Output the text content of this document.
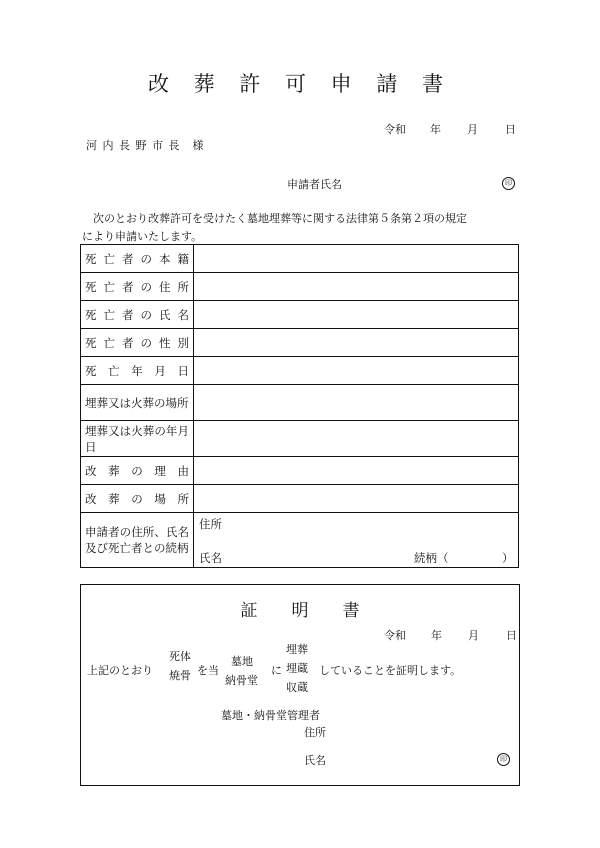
改 葬 許 可 申 請 書
令和 年 月 日
河 内 長 野 市 長　様
申請者氏名	印
次のとおり改葬許可を受けたく墓地埋葬等に関する法律第５条第２項の規定
により申請いたします。
死 亡 者 の 本 籍	
死 亡 者 の 住 所	
死 亡 者 の 氏 名	
死 亡 者 の 性 別	
死　亡　年　月　日	
埋葬又は火葬の場所	
埋葬又は火葬の年月日	
改　葬　の　理　由	
改　葬　の　場　所	
申請者の住所、氏名及び死亡者との続柄	住所
氏名 続柄（ ）
証　　明　　書
令和 年 月 日
上記のとおり
死体
焼骨 を当
墓地
納骨堂
に
埋葬
埋蔵
収蔵
していることを証明します。
墓地・納骨堂管理者
住所
氏名	印
